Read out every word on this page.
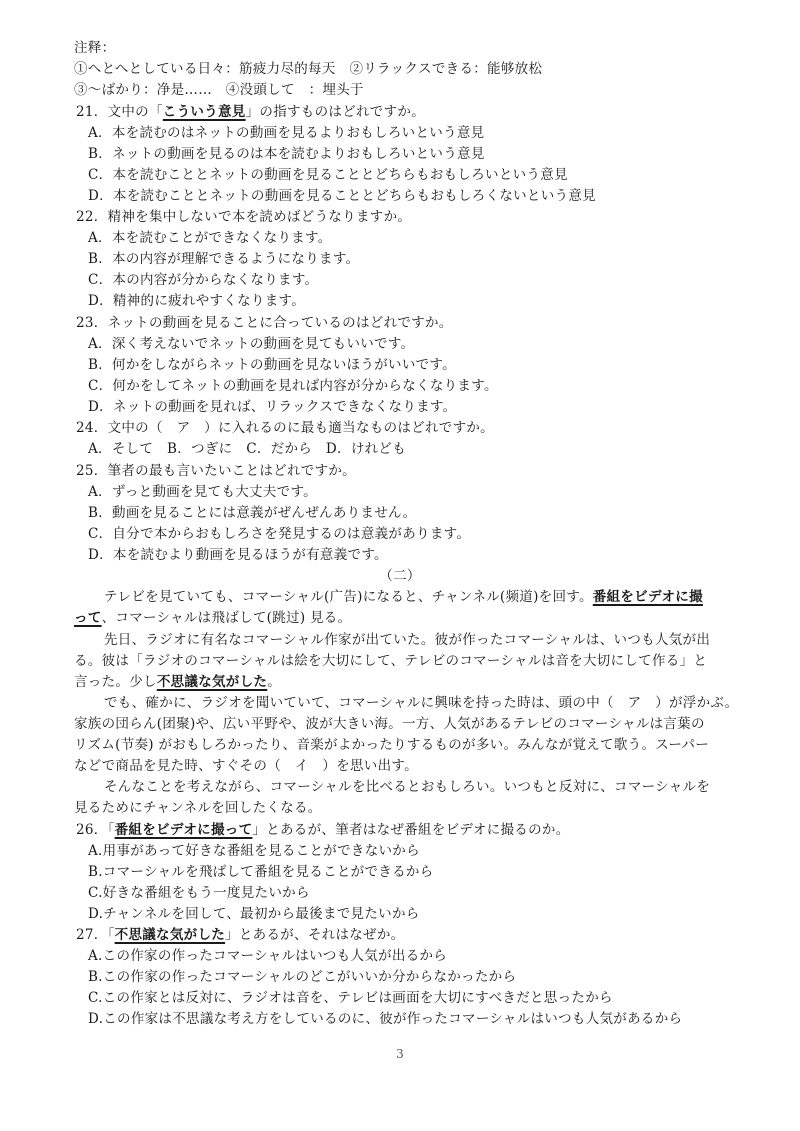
注释：
①へとへとしている日々：筋疲力尽的每天　②リラックスできる：能够放松
③～ばかり：净是……　④没頭して　：埋头于
21．文中の「こういう意見」の指すものはどれですか。
A．本を読むのはネットの動画を見るよりおもしろいという意見
B．ネットの動画を見るのは本を読むよりおもしろいという意見
C．本を読むこととネットの動画を見ることとどちらもおもしろいという意見
D．本を読むこととネットの動画を見ることとどちらもおもしろくないという意見
22．精神を集中しないで本を読めばどうなりますか。
A．本を読むことができなくなります。
B．本の内容が理解できるようになります。
C．本の内容が分からなくなります。
D．精神的に疲れやすくなります。
23．ネットの動画を見ることに合っているのはどれですか。
A．深く考えないでネットの動画を見てもいいです。
B．何かをしながらネットの動画を見ないほうがいいです。
C．何かをしてネットの動画を見れば内容が分からなくなります。
D．ネットの動画を見れば、リラックスできなくなります。
24．文中の（　ア　）に入れるのに最も適当なものはどれですか。
A．そして　B．つぎに　C．だから　D．けれども
25．筆者の最も言いたいことはどれですか。
A．ずっと動画を見ても大丈夫です。
B．動画を見ることには意義がぜんぜんありません。
C．自分で本からおもしろさを発見するのは意義があります。
D．本を読むより動画を見るほうが有意義です。
（二）
テレビを見ていても、コマーシャル(广告)になると、チャンネル(频道)を回す。番組をビデオに撮
って、コマーシャルは飛ばして(跳过) 見る。
先日、ラジオに有名なコマーシャル作家が出ていた。彼が作ったコマーシャルは、いつも人気が出
る。彼は「ラジオのコマーシャルは絵を大切にして、テレビのコマーシャルは音を大切にして作る」と
言った。少し不思議な気がした。
でも、確かに、ラジオを聞いていて、コマーシャルに興味を持った時は、頭の中（　ア　）が浮かぶ。
家族の団らん(团聚)や、広い平野や、波が大きい海。一方、人気があるテレビのコマーシャルは言葉の
リズム(节奏) がおもしろかったり、音楽がよかったりするものが多い。みんなが覚えて歌う。スーパー
などで商品を見た時、すぐその（　イ　）を思い出す。
そんなことを考えながら、コマーシャルを比べるとおもしろい。いつもと反対に、コマーシャルを
見るためにチャンネルを回したくなる。
26．「番組をビデオに撮って」とあるが、筆者はなぜ番組をビデオに撮るのか。
A.用事があって好きな番組を見ることができないから
B.コマーシャルを飛ばして番組を見ることができるから
C.好きな番組をもう一度見たいから
D.チャンネルを回して、最初から最後まで見たいから
27．「不思議な気がした」とあるが、それはなぜか。
A.この作家の作ったコマーシャルはいつも人気が出るから
B.この作家の作ったコマーシャルのどこがいいか分からなかったから
C.この作家とは反対に、ラジオは音を、テレビは画面を大切にすべきだと思ったから
D.この作家は不思議な考え方をしているのに、彼が作ったコマーシャルはいつも人気があるから
3
